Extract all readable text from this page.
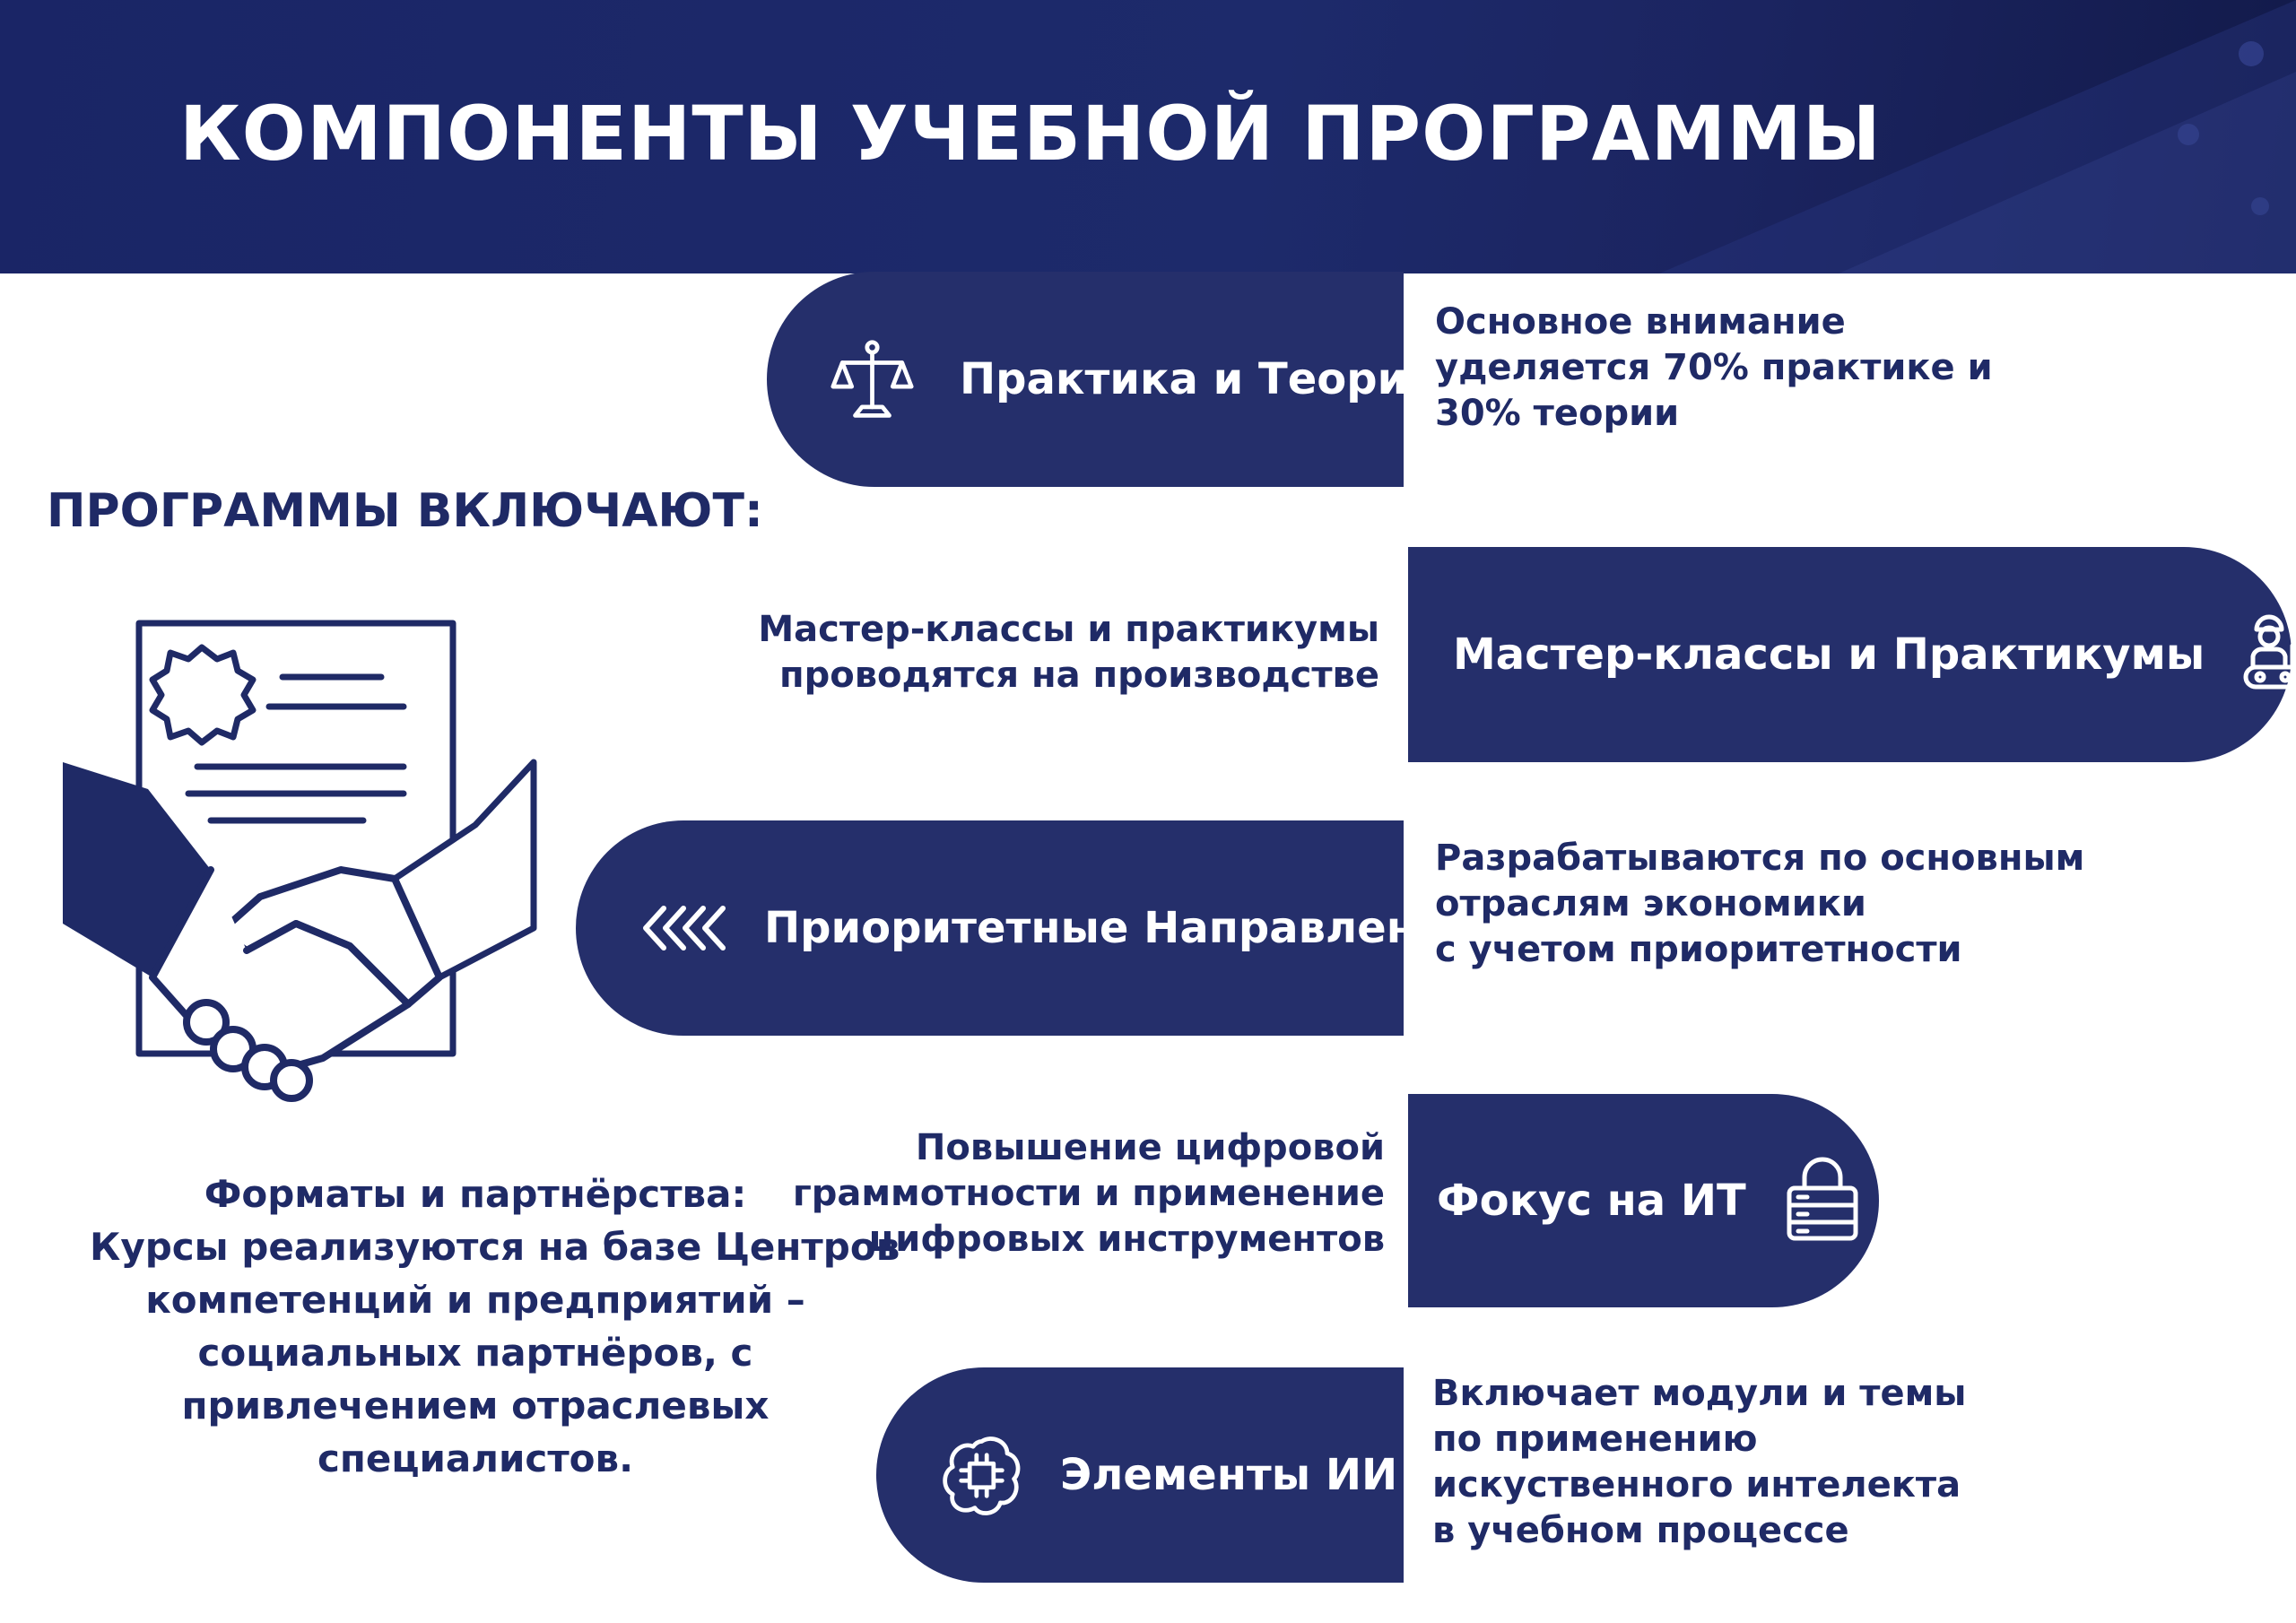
КОМПОНЕНТЫ УЧЕБНОЙ ПРОГРАММЫ
ПРОГРАММЫ ВКЛЮЧАЮТ:
Практика и Теория
Основное внимание
уделяется 70% практике и
30% теории
Мастер-классы и практикумы
проводятся на производстве Мастер-классы и Практикумы
Приоритетные Направления
Разрабатываются по основным
отраслям экономики
с учетом приоритетности
Повышение цифровой
граммотности и применение
цифровых инструментов
Фокус на ИТ
Элементы ИИ
Включает модули и темы
по применению
искуственного интелекта
в учебном процессе
Форматы и партнёрства:
Курсы реализуются на базе Центров
компетенций и предприятий –
социальных партнёров, с
привлечением отраслевых
специалистов.
